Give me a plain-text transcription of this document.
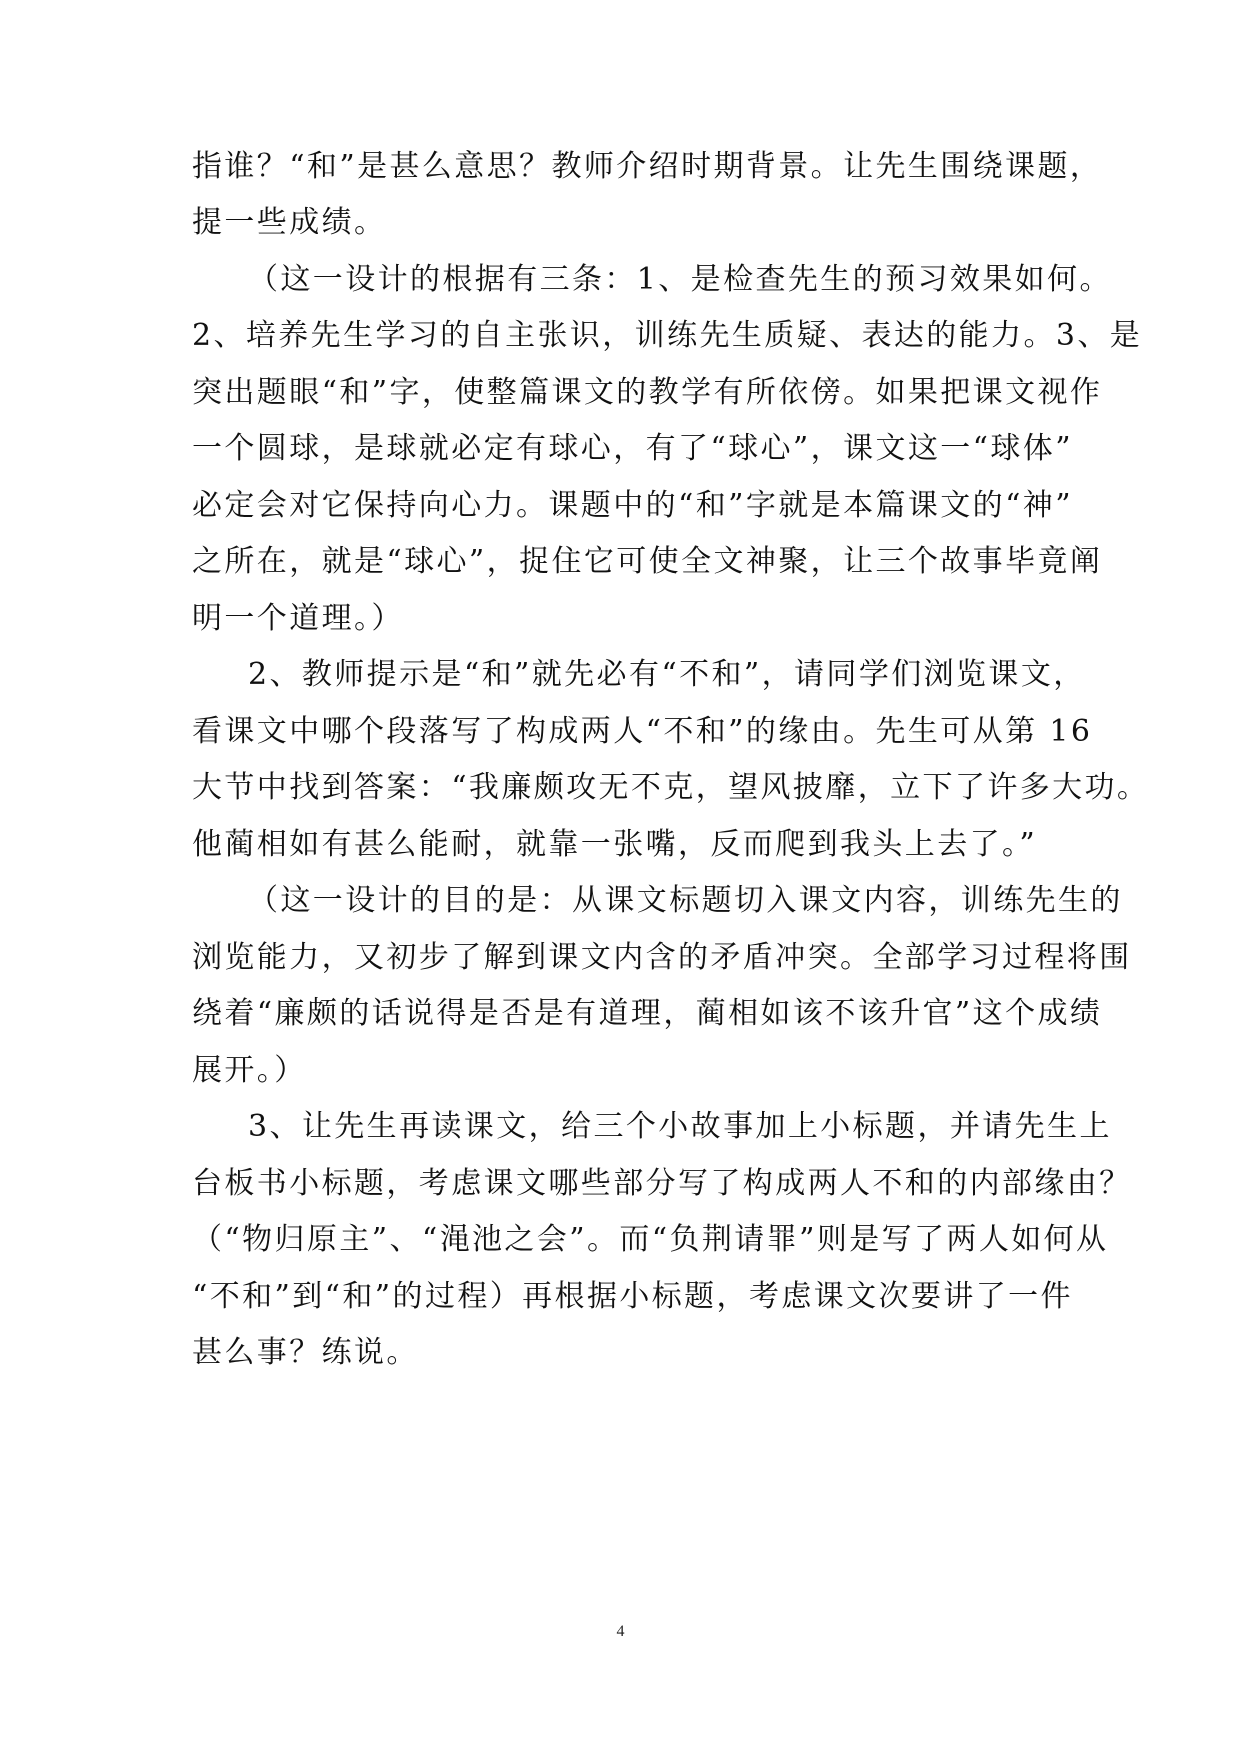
指谁？“和”是甚么意思？教师介绍时期背景。让先生围绕课题，
提一些成绩。
（这一设计的根据有三条：1、是检查先生的预习效果如何。
2、培养先生学习的自主张识，训练先生质疑、表达的能力。3、是
突出题眼“和”字，使整篇课文的教学有所依傍。如果把课文视作
一个圆球，是球就必定有球心，有了“球心”，课文这一“球体”
必定会对它保持向心力。课题中的“和”字就是本篇课文的“神”
之所在，就是“球心”，捉住它可使全文神聚，让三个故事毕竟阐
明一个道理。）
2、教师提示是“和”就先必有“不和”，请同学们浏览课文，
看课文中哪个段落写了构成两人“不和”的缘由。先生可从第 16
大节中找到答案：“我廉颇攻无不克，望风披靡，立下了许多大功。
他蔺相如有甚么能耐，就靠一张嘴，反而爬到我头上去了。”
（这一设计的目的是：从课文标题切入课文内容，训练先生的
浏览能力，又初步了解到课文内含的矛盾冲突。全部学习过程将围
绕着“廉颇的话说得是否是有道理，蔺相如该不该升官”这个成绩
展开。）
3、让先生再读课文，给三个小故事加上小标题，并请先生上
台板书小标题，考虑课文哪些部分写了构成两人不和的内部缘由？
（“物归原主”、“渑池之会”。而“负荆请罪”则是写了两人如何从
“不和”到“和”的过程）再根据小标题，考虑课文次要讲了一件
甚么事？练说。
4
